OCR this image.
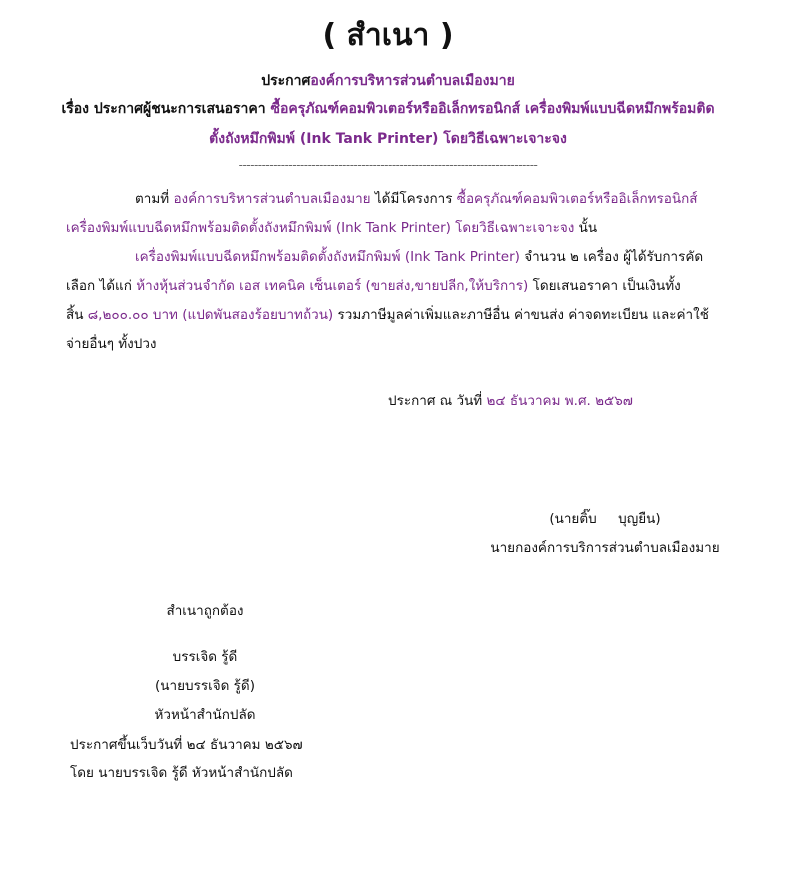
( สำเนา )
ประกาศองค์การบริหารส่วนตำบลเมืองมาย
เรื่อง ประกาศผู้ชนะการเสนอราคา ซื้อครุภัณฑ์คอมพิวเตอร์หรืออิเล็กทรอนิกส์ เครื่องพิมพ์แบบฉีดหมึกพร้อมติด
ตั้งถังหมึกพิมพ์ (Ink Tank Printer) โดยวิธีเฉพาะเจาะจง
------------------------------------------------------------------------------
ตามที่ องค์การบริหารส่วนตำบลเมืองมาย ได้มีโครงการ ซื้อครุภัณฑ์คอมพิวเตอร์หรืออิเล็กทรอนิกส์
เครื่องพิมพ์แบบฉีดหมึกพร้อมติดตั้งถังหมึกพิมพ์ (Ink Tank Printer) โดยวิธีเฉพาะเจาะจง นั้น
เครื่องพิมพ์แบบฉีดหมึกพร้อมติดตั้งถังหมึกพิมพ์ (Ink Tank Printer) จำนวน ๒ เครื่อง ผู้ได้รับการคัด
เลือก ได้แก่ ห้างหุ้นส่วนจำกัด เอส เทคนิค เซ็นเตอร์ (ขายส่ง,ขายปลีก,ให้บริการ) โดยเสนอราคา เป็นเงินทั้ง
สิ้น ๘,๒๐๐.๐๐ บาท (แปดพันสองร้อยบาทถ้วน) รวมภาษีมูลค่าเพิ่มและภาษีอื่น ค่าขนส่ง ค่าจดทะเบียน และค่าใช้
จ่ายอื่นๆ ทั้งปวง
ประกาศ ณ วันที่ ๒๔ ธันวาคม พ.ศ. ๒๕๖๗
(นายติ๊บ     บุญยืน)
นายกองค์การบริการส่วนตำบลเมืองมาย
สำเนาถูกต้อง
บรรเจิด รู้ดี
(นายบรรเจิด รู้ดี)
หัวหน้าสำนักปลัด
ประกาศขึ้นเว็บวันที่ ๒๔ ธันวาคม ๒๕๖๗
โดย นายบรรเจิด รู้ดี หัวหน้าสำนักปลัด
